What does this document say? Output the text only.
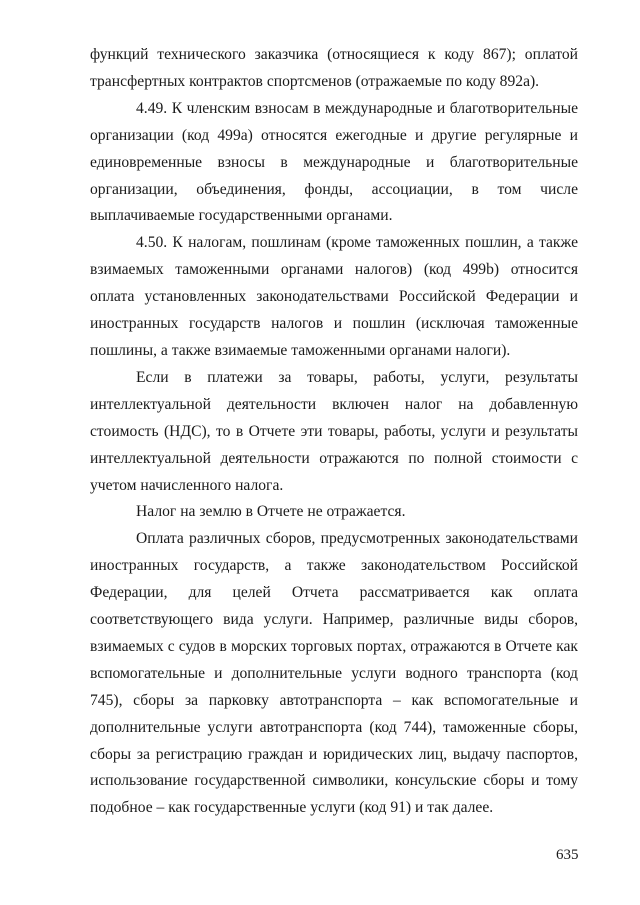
функций технического заказчика (относящиеся к коду 867); оплатой трансфертных контрактов спортсменов (отражаемые по коду 892а).

4.49. К членским взносам в международные и благотворительные организации (код 499а) относятся ежегодные и другие регулярные и единовременные взносы в международные и благотворительные организации, объединения, фонды, ассоциации, в том числе выплачиваемые государственными органами.

4.50. К налогам, пошлинам (кроме таможенных пошлин, а также взимаемых таможенными органами налогов) (код 499b) относится оплата установленных законодательствами Российской Федерации и иностранных государств налогов и пошлин (исключая таможенные пошлины, а также взимаемые таможенными органами налоги).

Если в платежи за товары, работы, услуги, результаты интеллектуальной деятельности включен налог на добавленную стоимость (НДС), то в Отчете эти товары, работы, услуги и результаты интеллектуальной деятельности отражаются по полной стоимости с учетом начисленного налога.

Налог на землю в Отчете не отражается.

Оплата различных сборов, предусмотренных законодательствами иностранных государств, а также законодательством Российской Федерации, для целей Отчета рассматривается как оплата соответствующего вида услуги. Например, различные виды сборов, взимаемых с судов в морских торговых портах, отражаются в Отчете как вспомогательные и дополнительные услуги водного транспорта (код 745), сборы за парковку автотранспорта – как вспомогательные и дополнительные услуги автотранспорта (код 744), таможенные сборы, сборы за регистрацию граждан и юридических лиц, выдачу паспортов, использование государственной символики, консульские сборы и тому подобное – как государственные услуги (код 91) и так далее.

635
